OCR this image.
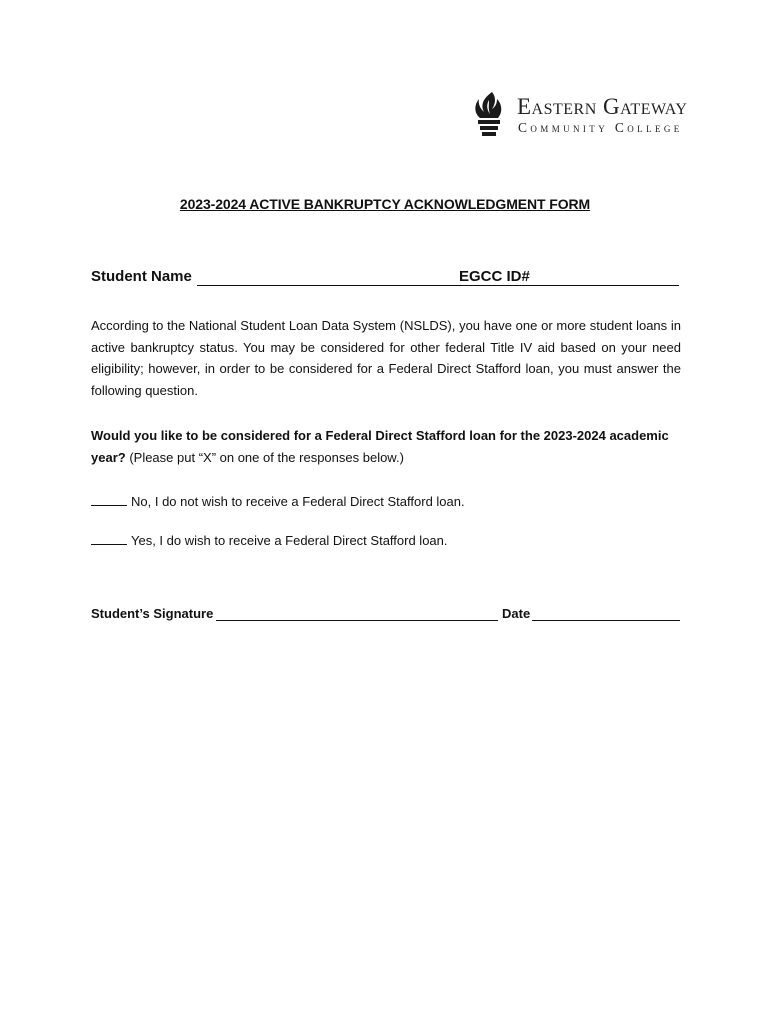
Eastern Gateway
Community College
2023-2024 ACTIVE BANKRUPTCY ACKNOWLEDGMENT FORM
Student Name	EGCC ID#
According to the National Student Loan Data System (NSLDS), you have one or more student loans in active bankruptcy status. You may be considered for other federal Title IV aid based on your need eligibility; however, in order to be considered for a Federal Direct Stafford loan, you must answer the following question.
Would you like to be considered for a Federal Direct Stafford loan for the 2023-2024 academic year? (Please put “X” on one of the responses below.)
No, I do not wish to receive a Federal Direct Stafford loan.
Yes, I do wish to receive a Federal Direct Stafford loan.
Student’s Signature	Date
